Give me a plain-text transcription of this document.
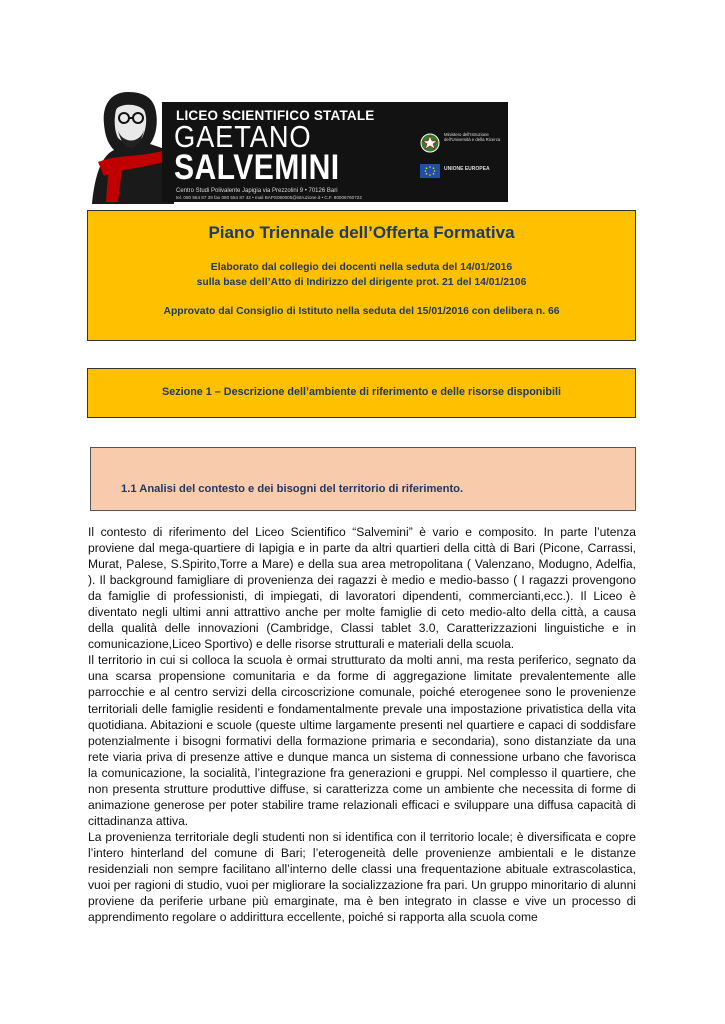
LICEO SCIENTIFICO STATALE
GAETANO
SALVEMINI
Centro Studi Polivalente Japigia via Prezzolini 9 • 70126 Bari
tel. 080 554 87 39 fax 080 554 87 42 • mail BAPS080005@istruzione.it • C.F. 80006760722
Ministero dell'Istruzione dell'Università e della Ricerca
UNIONE EUROPEA
Piano Triennale dell’Offerta Formativa
Elaborato dal collegio dei docenti nella seduta del 14/01/2016
sulla base dell’Atto di Indirizzo del dirigente prot. 21 del 14/01/2106
Approvato dal Consiglio di Istituto nella seduta del 15/01/2016 con delibera n. 66
Sezione 1 – Descrizione dell’ambiente di riferimento e delle risorse disponibili
1.1 Analisi del contesto e dei bisogni del territorio di riferimento.

Il contesto di riferimento del Liceo Scientifico “Salvemini” è vario e composito. In parte l’utenza proviene dal mega-quartiere di Iapigia e in parte da altri quartieri della città di Bari (Picone, Carrassi, Murat, Palese, S.Spirito,Torre a Mare) e della sua area metropolitana ( Valenzano, Modugno, Adelfia, ). Il background famigliare di provenienza dei ragazzi è medio e medio-basso ( I ragazzi provengono da famiglie di professionisti, di impiegati, di lavoratori dipendenti, commercianti,ecc.). Il Liceo è diventato negli ultimi anni attrattivo anche per molte famiglie di ceto medio-alto della città, a causa della qualità delle innovazioni (Cambridge, Classi tablet 3.0, Caratterizzazioni linguistiche e in comunicazione,Liceo Sportivo) e delle risorse strutturali e materiali della scuola.

Il territorio in cui si colloca la scuola è ormai strutturato da molti anni, ma resta periferico, segnato da una scarsa propensione comunitaria e da forme di aggregazione limitate prevalentemente alle parrocchie e al centro servizi della circoscrizione comunale, poiché eterogenee sono le provenienze territoriali delle famiglie residenti e fondamentalmente prevale una impostazione privatistica della vita quotidiana. Abitazioni e scuole (queste ultime largamente presenti nel quartiere e capaci di soddisfare potenzialmente i bisogni formativi della formazione primaria e secondaria), sono distanziate da una rete viaria priva di presenze attive e dunque manca un sistema di connessione urbano che favorisca la comunicazione, la socialità, l’integrazione fra generazioni e gruppi. Nel complesso il quartiere, che non presenta strutture produttive diffuse, si caratterizza come un ambiente che necessita di forme di animazione generose per poter stabilire trame relazionali efficaci e sviluppare una diffusa capacità di cittadinanza attiva.

La provenienza territoriale degli studenti non si identifica con il territorio locale; è diversificata e copre l’intero hinterland del comune di Bari; l’eterogeneità delle provenienze ambientali e le distanze residenziali non sempre facilitano all’interno delle classi una frequentazione abituale extrascolastica, vuoi per ragioni di studio, vuoi per migliorare la socializzazione fra pari. Un gruppo minoritario di alunni proviene da periferie urbane più emarginate, ma è ben integrato in classe e vive un processo di apprendimento regolare o addirittura eccellente, poiché si rapporta alla scuola come
